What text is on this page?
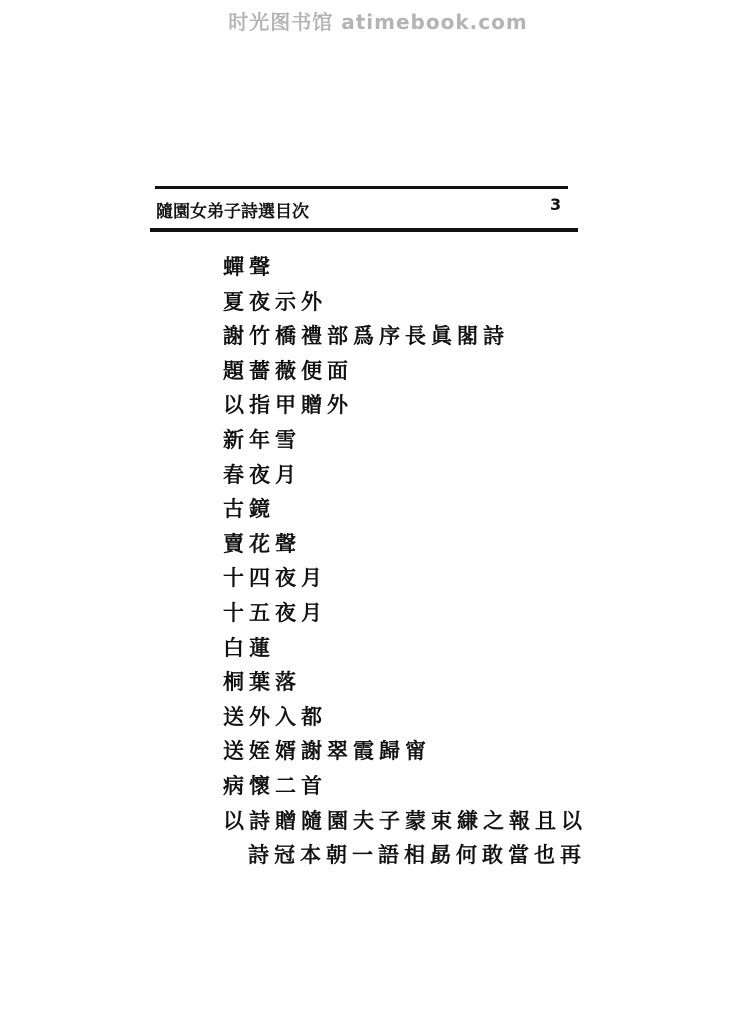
时光图书馆 atimebook.com
隨園女弟子詩選目次	3
蟬聲
夏夜示外
謝竹橋禮部爲序長眞閣詩
題薔薇便面
以指甲贈外
新年雪
春夜月
古鏡
賣花聲
十四夜月
十五夜月
白蓮
桐葉落
送外入都
送姪婿謝翠霞歸甯
病懷二首
以詩贈隨園夫子蒙束縑之報且以
詩冠本朝一語相勗何敢當也再
